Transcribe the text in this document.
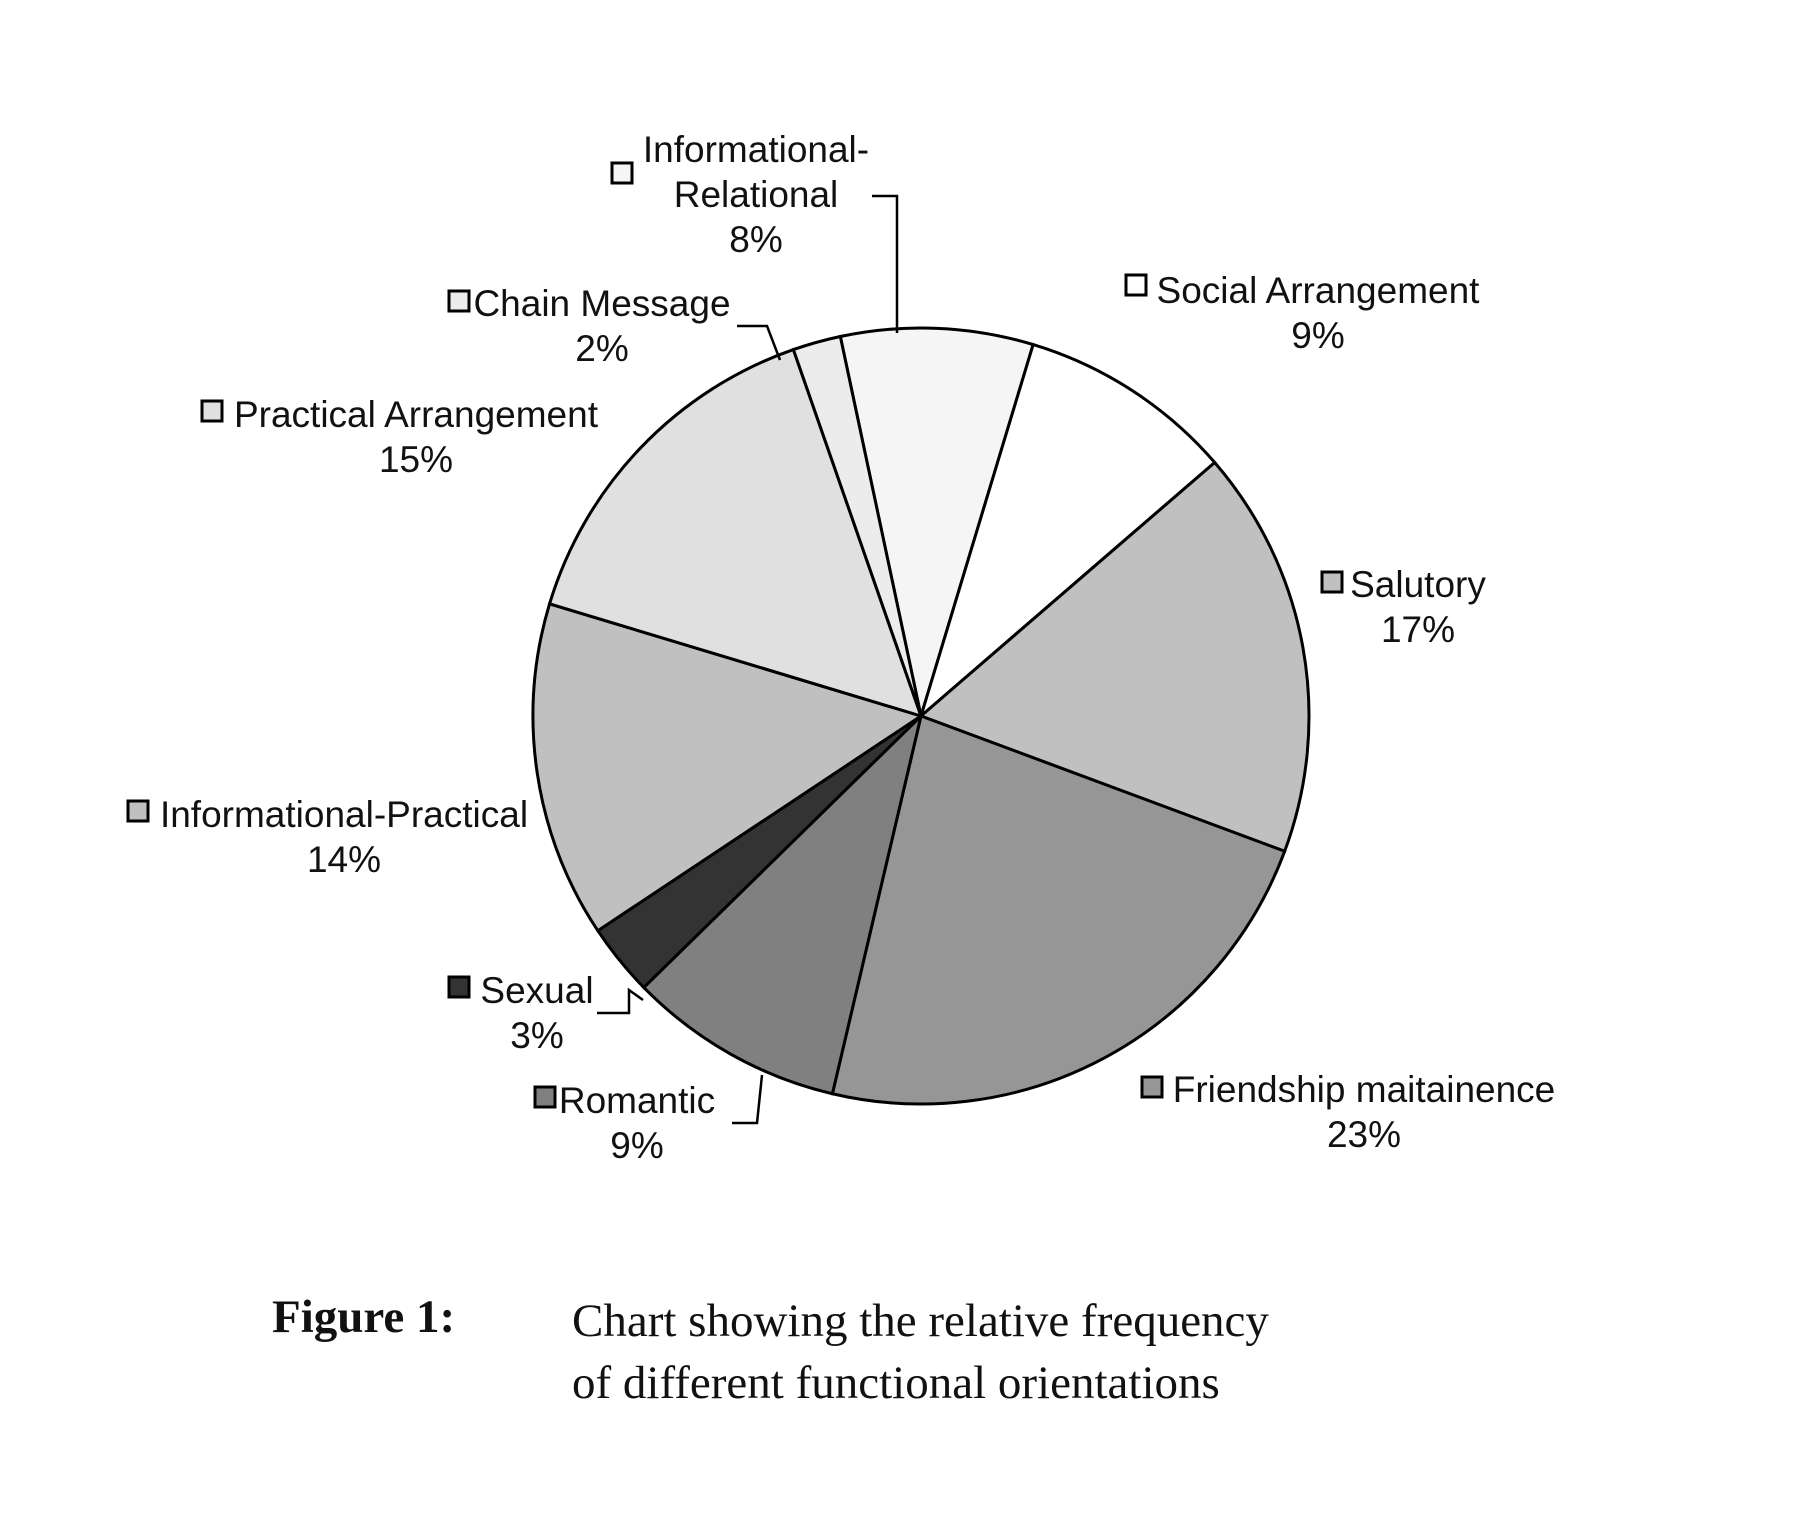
Informational-
Relational
8%
Social Arrangement
9%
Salutory
17%
Friendship maitainence
23%
Romantic
9%
Sexual
3%
Informational-Practical
14%
Practical Arrangement
15%
Chain Message
2%
Figure 1: Chart showing the relative frequency
of different functional orientations
